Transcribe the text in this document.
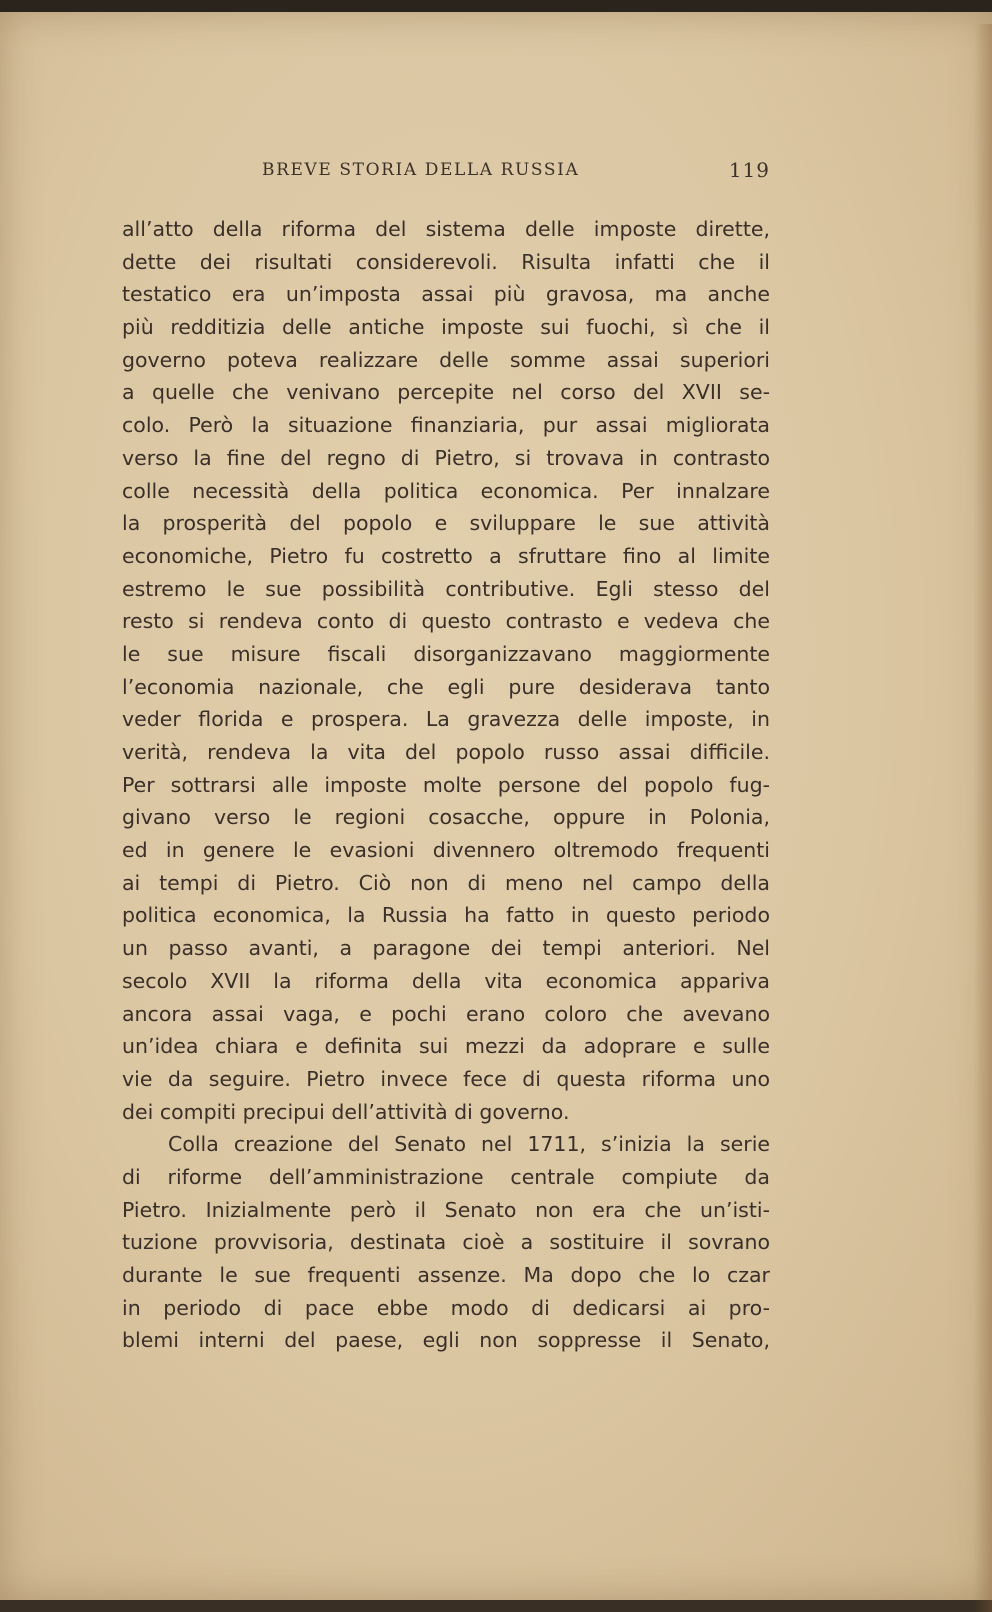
BREVE STORIA DELLA RUSSIA	119
all’atto della riforma del sistema delle imposte dirette,
dette dei risultati considerevoli. Risulta infatti che il
testatico era un’imposta assai più gravosa, ma anche
più redditizia delle antiche imposte sui fuochi, sì che il
governo poteva realizzare delle somme assai superiori
a quelle che venivano percepite nel corso del XVII se-
colo. Però la situazione finanziaria, pur assai migliorata
verso la fine del regno di Pietro, si trovava in contrasto
colle necessità della politica economica. Per innalzare
la prosperità del popolo e sviluppare le sue attività
economiche, Pietro fu costretto a sfruttare fino al limite
estremo le sue possibilità contributive. Egli stesso del
resto si rendeva conto di questo contrasto e vedeva che
le sue misure fiscali disorganizzavano maggiormente
l’economia nazionale, che egli pure desiderava tanto
veder florida e prospera. La gravezza delle imposte, in
verità, rendeva la vita del popolo russo assai difficile.
Per sottrarsi alle imposte molte persone del popolo fug-
givano verso le regioni cosacche, oppure in Polonia,
ed in genere le evasioni divennero oltremodo frequenti
ai tempi di Pietro. Ciò non di meno nel campo della
politica economica, la Russia ha fatto in questo periodo
un passo avanti, a paragone dei tempi anteriori. Nel
secolo XVII la riforma della vita economica appariva
ancora assai vaga, e pochi erano coloro che avevano
un’idea chiara e definita sui mezzi da adoprare e sulle
vie da seguire. Pietro invece fece di questa riforma uno
dei compiti precipui dell’attività di governo.
Colla creazione del Senato nel 1711, s’inizia la serie
di riforme dell’amministrazione centrale compiute da
Pietro. Inizialmente però il Senato non era che un’isti-
tuzione provvisoria, destinata cioè a sostituire il sovrano
durante le sue frequenti assenze. Ma dopo che lo czar
in periodo di pace ebbe modo di dedicarsi ai pro-
blemi interni del paese, egli non soppresse il Senato,
